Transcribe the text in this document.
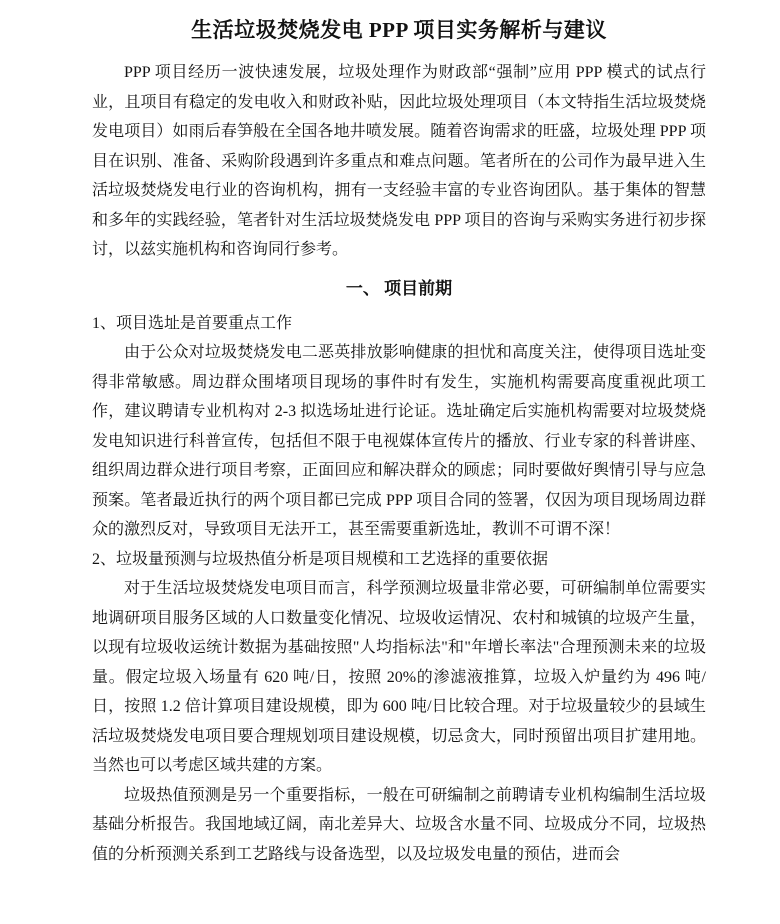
生活垃圾焚烧发电 PPP 项目实务解析与建议

PPP 项目经历一波快速发展，垃圾处理作为财政部“强制”应用 PPP 模式的试点行业，且项目有稳定的发电收入和财政补贴，因此垃圾处理项目（本文特指生活垃圾焚烧发电项目）如雨后春笋般在全国各地井喷发展。随着咨询需求的旺盛，垃圾处理 PPP 项目在识别、准备、采购阶段遇到许多重点和难点问题。笔者所在的公司作为最早进入生活垃圾焚烧发电行业的咨询机构，拥有一支经验丰富的专业咨询团队。基于集体的智慧和多年的实践经验，笔者针对生活垃圾焚烧发电 PPP 项目的咨询与采购实务进行初步探讨，以兹实施机构和咨询同行参考。

一、 项目前期

1、项目选址是首要重点工作

由于公众对垃圾焚烧发电二恶英排放影响健康的担忧和高度关注，使得项目选址变得非常敏感。周边群众围堵项目现场的事件时有发生，实施机构需要高度重视此项工作，建议聘请专业机构对 2-3 拟选场址进行论证。选址确定后实施机构需要对垃圾焚烧发电知识进行科普宣传，包括但不限于电视媒体宣传片的播放、行业专家的科普讲座、组织周边群众进行项目考察，正面回应和解决群众的顾虑；同时要做好舆情引导与应急预案。笔者最近执行的两个项目都已完成 PPP 项目合同的签署，仅因为项目现场周边群众的激烈反对，导致项目无法开工，甚至需要重新选址，教训不可谓不深！

2、垃圾量预测与垃圾热值分析是项目规模和工艺选择的重要依据

对于生活垃圾焚烧发电项目而言，科学预测垃圾量非常必要，可研编制单位需要实地调研项目服务区域的人口数量变化情况、垃圾收运情况、农村和城镇的垃圾产生量，以现有垃圾收运统计数据为基础按照"人均指标法"和"年增长率法"合理预测未来的垃圾量。假定垃圾入场量有 620 吨/日，按照 20%的渗滤液推算，垃圾入炉量约为 496 吨/日，按照 1.2 倍计算项目建设规模，即为 600 吨/日比较合理。对于垃圾量较少的县域生活垃圾焚烧发电项目要合理规划项目建设规模，切忌贪大，同时预留出项目扩建用地。当然也可以考虑区域共建的方案。

垃圾热值预测是另一个重要指标，一般在可研编制之前聘请专业机构编制生活垃圾基础分析报告。我国地域辽阔，南北差异大、垃圾含水量不同、垃圾成分不同，垃圾热值的分析预测关系到工艺路线与设备选型，以及垃圾发电量的预估，进而会
